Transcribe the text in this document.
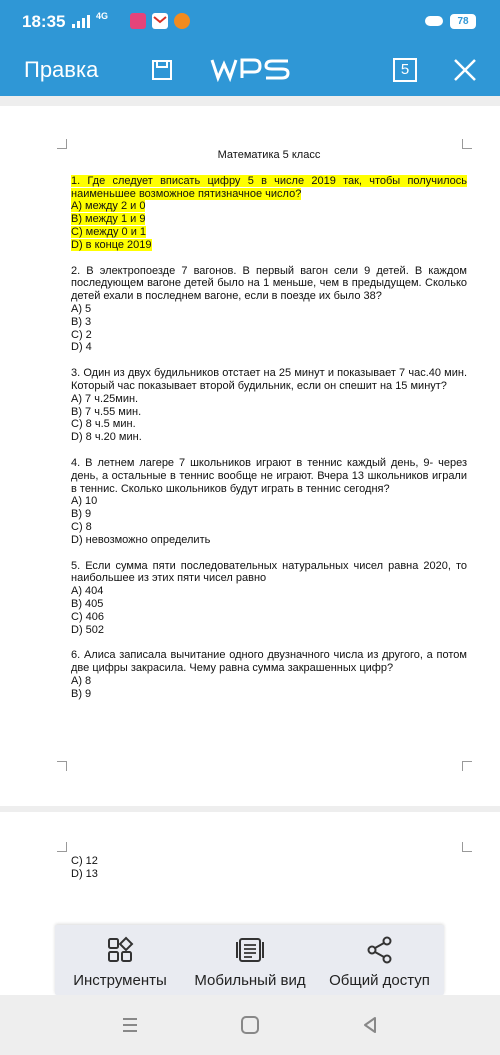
18:35	4G	78
Правка	5
Математика 5 класс
1. Где следует вписать цифру 5 в числе 2019 так, чтобы получилось наименьшее возможное пятизначное число?
A) между 2 и 0
B) между 1 и 9
C) между 0 и 1
D) в конце 2019
2. В электропоезде 7 вагонов. В первый вагон сели 9 детей. В каждом последующем вагоне детей было на 1 меньше, чем в предыдущем. Сколько детей ехали в последнем вагоне, если в поезде их было 38?
A) 5
B) 3
C) 2
D) 4
3. Один из двух будильников отстает на 25 минут и показывает 7 час.40 мин. Который час показывает второй будильник, если он спешит на 15 минут?
A) 7 ч.25мин.
B) 7 ч.55 мин.
C) 8 ч.5 мин.
D) 8 ч.20 мин.
4. В летнем лагере 7 школьников играют в теннис каждый день, 9- через день, а остальные в теннис вообще не играют. Вчера 13 школьников играли в теннис. Сколько школьников будут играть в теннис сегодня?
A) 10
B) 9
C) 8
D) невозможно определить
5. Если сумма пяти последовательных натуральных чисел равна 2020, то наибольшее из этих пяти чисел равно
A) 404
B) 405
C) 406
D) 502
6. Алиса записала вычитание одного двузначного числа из другого, а потом две цифры закрасила. Чему равна сумма закрашенных цифр?
A) 8
B) 9
C) 12
D) 13
Инструменты	Мобильный вид	Общий доступ
